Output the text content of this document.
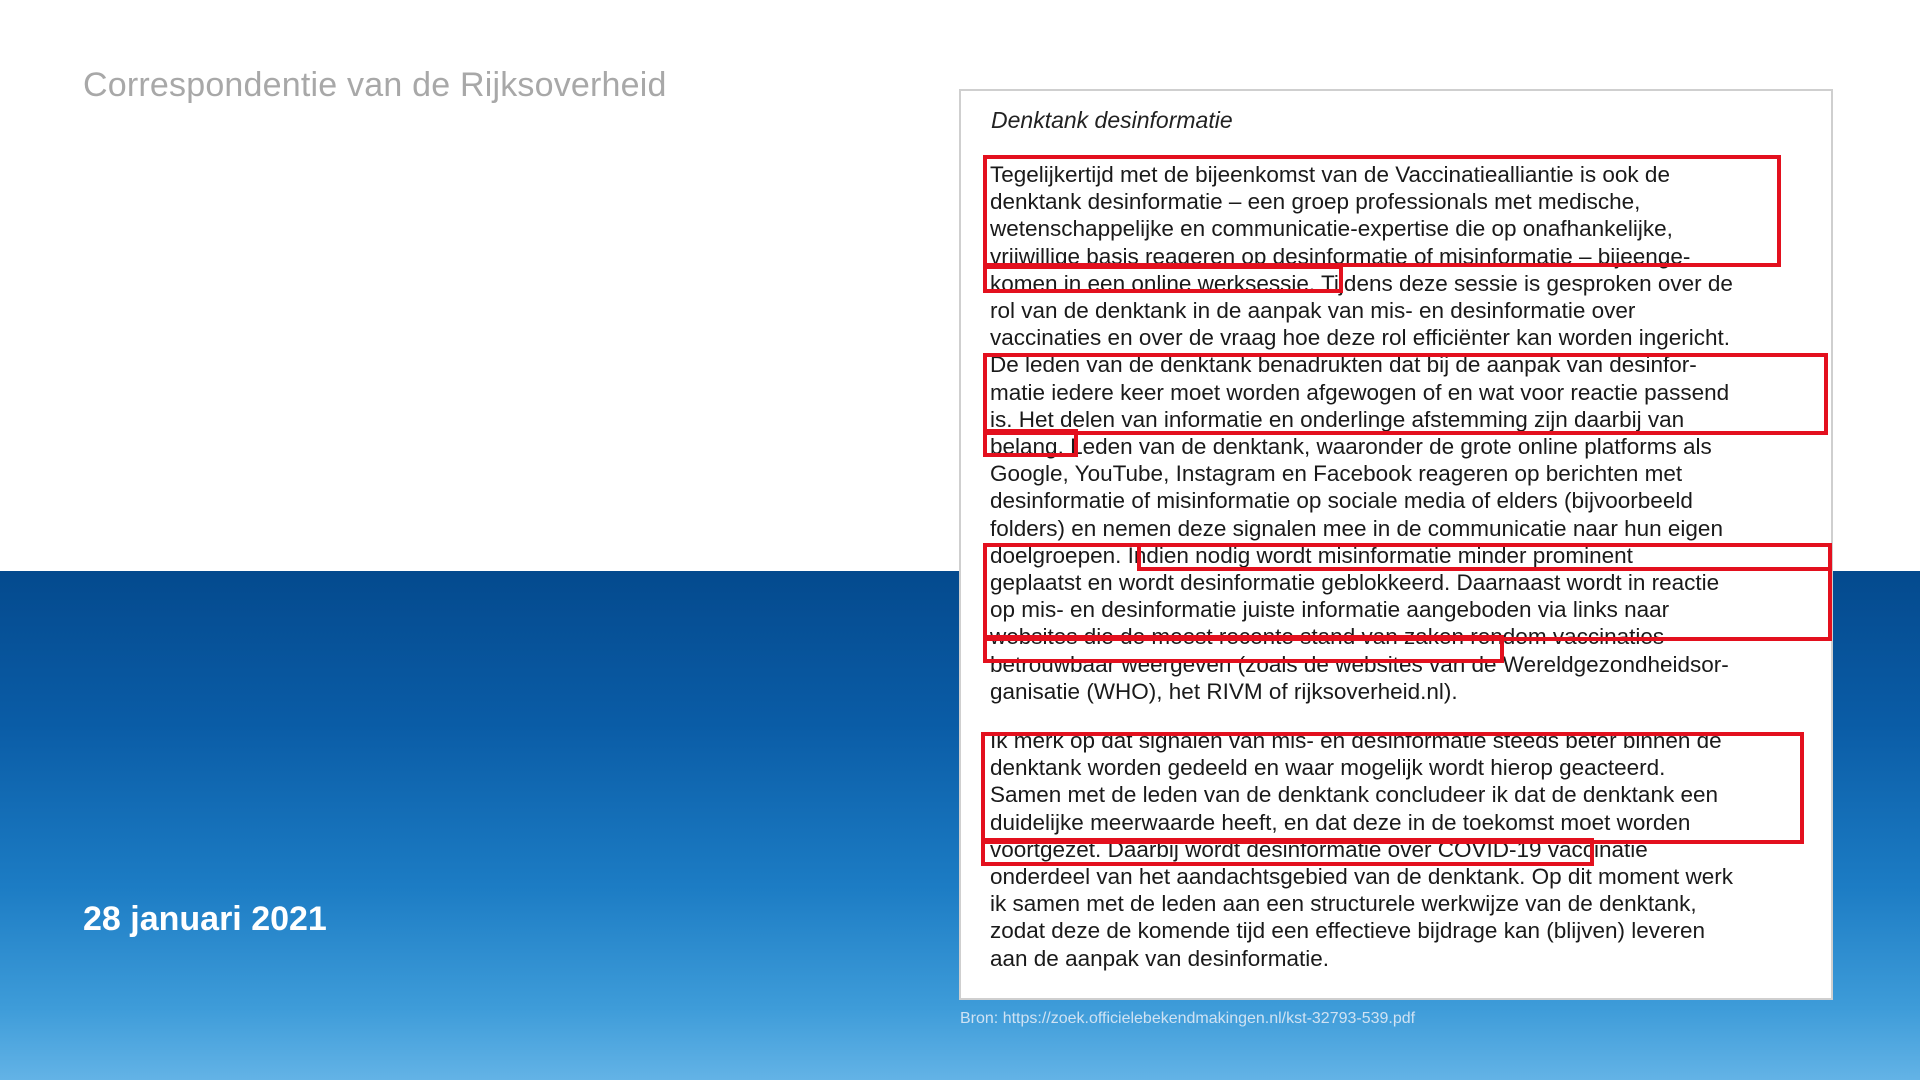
Correspondentie van de Rijksoverheid
28 januari 2021
Denktank desinformatie
Tegelijkertijd met de bijeenkomst van de Vaccinatiealliantie is ook de
denktank desinformatie – een groep professionals met medische,
wetenschappelijke en communicatie-expertise die op onafhankelijke,
vrijwillige basis reageren op desinformatie of misinformatie – bijeenge-
komen in een online werksessie. Tijdens deze sessie is gesproken over de
rol van de denktank in de aanpak van mis- en desinformatie over
vaccinaties en over de vraag hoe deze rol efficiënter kan worden ingericht.
De leden van de denktank benadrukten dat bij de aanpak van desinfor-
matie iedere keer moet worden afgewogen of en wat voor reactie passend
is. Het delen van informatie en onderlinge afstemming zijn daarbij van
belang. Leden van de denktank, waaronder de grote online platforms als
Google, YouTube, Instagram en Facebook reageren op berichten met
desinformatie of misinformatie op sociale media of elders (bijvoorbeeld
folders) en nemen deze signalen mee in de communicatie naar hun eigen
doelgroepen. Indien nodig wordt misinformatie minder prominent
geplaatst en wordt desinformatie geblokkeerd. Daarnaast wordt in reactie
op mis- en desinformatie juiste informatie aangeboden via links naar
websites die de meest recente stand van zaken rondom vaccinaties
betrouwbaar weergeven (zoals de websites van de Wereldgezondheidsor-
ganisatie (WHO), het RIVM of rijksoverheid.nl).
Ik merk op dat signalen van mis- en desinformatie steeds beter binnen de
denktank worden gedeeld en waar mogelijk wordt hierop geacteerd.
Samen met de leden van de denktank concludeer ik dat de denktank een
duidelijke meerwaarde heeft, en dat deze in de toekomst moet worden
voortgezet. Daarbij wordt desinformatie over COVID-19 vaccinatie
onderdeel van het aandachtsgebied van de denktank. Op dit moment werk
ik samen met de leden aan een structurele werkwijze van de denktank,
zodat deze de komende tijd een effectieve bijdrage kan (blijven) leveren
aan de aanpak van desinformatie.
Bron: https://zoek.officielebekendmakingen.nl/kst-32793-539.pdf
